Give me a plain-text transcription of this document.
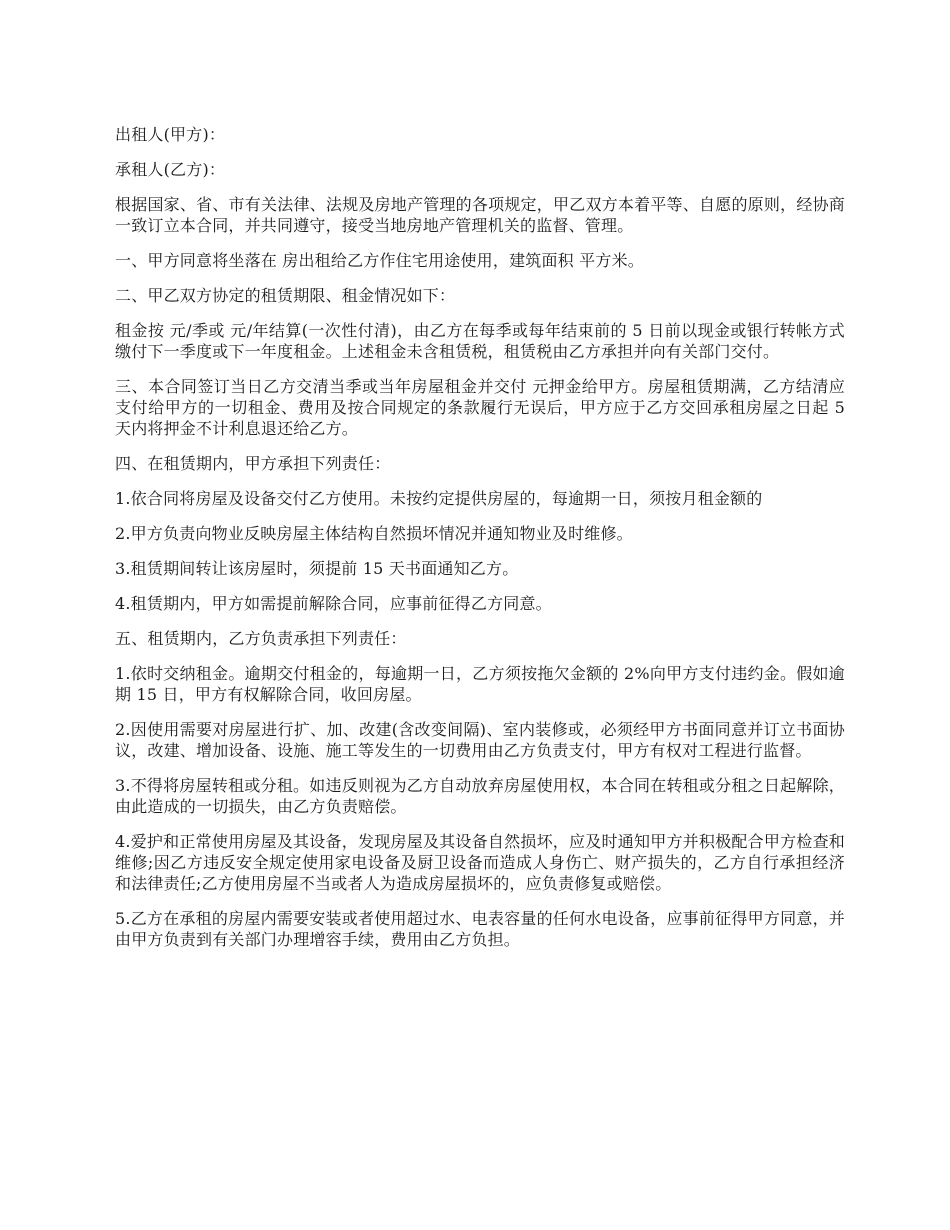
出租人(甲方)：

承租人(乙方)：

根据国家、省、市有关法律、法规及房地产管理的各项规定，甲乙双方本着平等、自愿的原则，经协商一致订立本合同，并共同遵守，接受当地房地产管理机关的监督、管理。

一、甲方同意将坐落在 房出租给乙方作住宅用途使用，建筑面积 平方米。

二、甲乙双方协定的租赁期限、租金情况如下：

租金按 元/季或 元/年结算(一次性付清)，由乙方在每季或每年结束前的 5 日前以现金或银行转帐方式缴付下一季度或下一年度租金。上述租金未含租赁税，租赁税由乙方承担并向有关部门交付。

三、本合同签订当日乙方交清当季或当年房屋租金并交付 元押金给甲方。房屋租赁期满，乙方结清应支付给甲方的一切租金、费用及按合同规定的条款履行无误后，甲方应于乙方交回承租房屋之日起 5 天内将押金不计利息退还给乙方。

四、在租赁期内，甲方承担下列责任：

1.依合同将房屋及设备交付乙方使用。未按约定提供房屋的，每逾期一日，须按月租金额的

2.甲方负责向物业反映房屋主体结构自然损坏情况并通知物业及时维修。

3.租赁期间转让该房屋时，须提前 15 天书面通知乙方。

4.租赁期内，甲方如需提前解除合同，应事前征得乙方同意。

五、租赁期内，乙方负责承担下列责任：

1.依时交纳租金。逾期交付租金的，每逾期一日，乙方须按拖欠金额的 2%向甲方支付违约金。假如逾期 15 日，甲方有权解除合同，收回房屋。

2.因使用需要对房屋进行扩、加、改建(含改变间隔)、室内装修或，必须经甲方书面同意并订立书面协议，改建、增加设备、设施、施工等发生的一切费用由乙方负责支付，甲方有权对工程进行监督。

3.不得将房屋转租或分租。如违反则视为乙方自动放弃房屋使用权，本合同在转租或分租之日起解除，由此造成的一切损失，由乙方负责赔偿。

4.爱护和正常使用房屋及其设备，发现房屋及其设备自然损坏，应及时通知甲方并积极配合甲方检查和维修;因乙方违反安全规定使用家电设备及厨卫设备而造成人身伤亡、财产损失的，乙方自行承担经济和法律责任;乙方使用房屋不当或者人为造成房屋损坏的，应负责修复或赔偿。

5.乙方在承租的房屋内需要安装或者使用超过水、电表容量的任何水电设备，应事前征得甲方同意，并由甲方负责到有关部门办理增容手续，费用由乙方负担。
